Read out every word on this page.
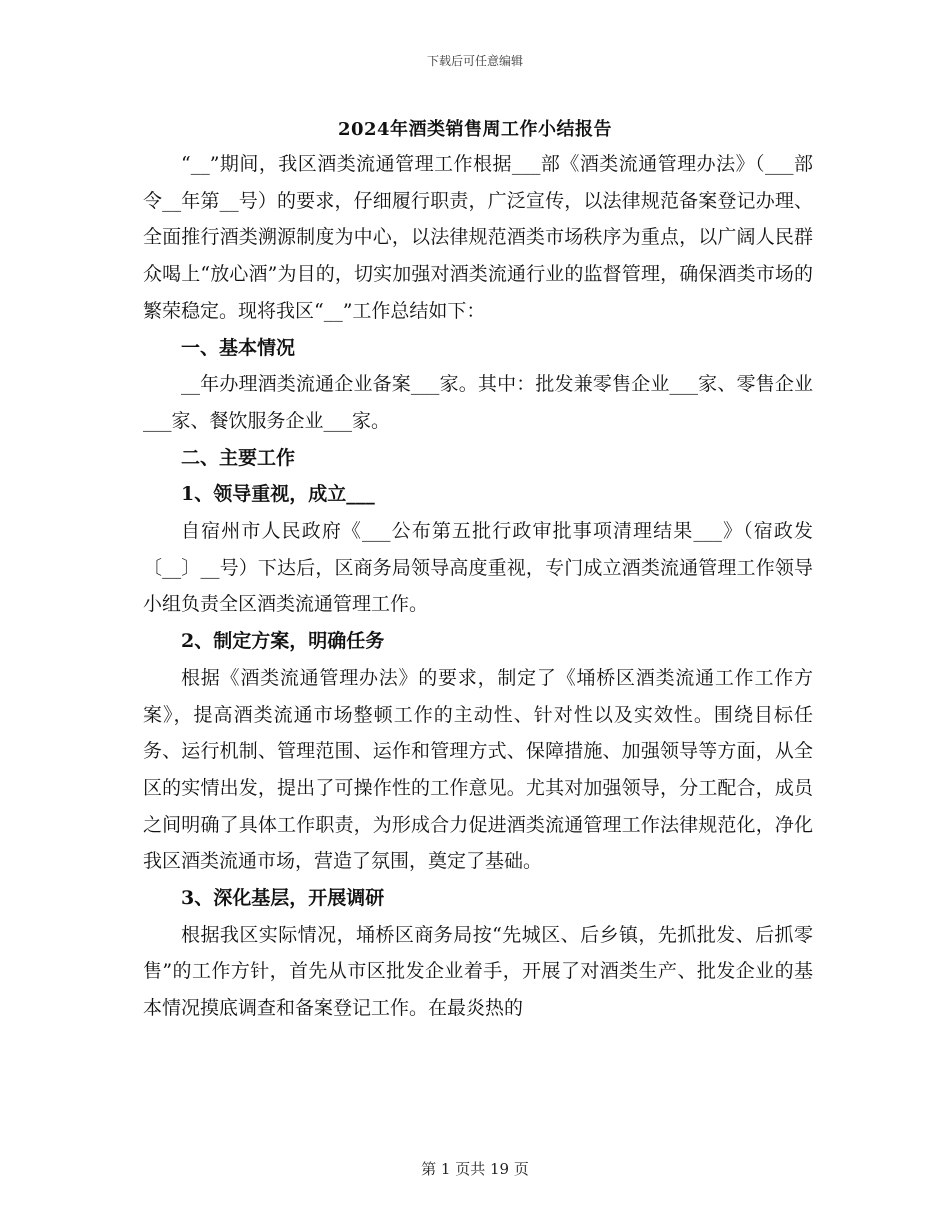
下载后可任意编辑
2024年酒类销售周工作小结报告

“__”期间，我区酒类流通管理工作根据___部《酒类流通管理办法》（___部令__年第__号）的要求，仔细履行职责，广泛宣传，以法律规范备案登记办理、全面推行酒类溯源制度为中心，以法律规范酒类市场秩序为重点，以广阔人民群众喝上“放心酒”为目的，切实加强对酒类流通行业的监督管理，确保酒类市场的繁荣稳定。现将我区“__”工作总结如下：

一、基本情况

__年办理酒类流通企业备案___家。其中：批发兼零售企业___家、零售企业___家、餐饮服务企业___家。

二、主要工作

1、领导重视，成立___

自宿州市人民政府《___公布第五批行政审批事项清理结果___》（宿政发〔__〕__号）下达后，区商务局领导高度重视，专门成立酒类流通管理工作领导小组负责全区酒类流通管理工作。

2、制定方案，明确任务

根据《酒类流通管理办法》的要求，制定了《埇桥区酒类流通工作工作方案》，提高酒类流通市场整顿工作的主动性、针对性以及实效性。围绕目标任务、运行机制、管理范围、运作和管理方式、保障措施、加强领导等方面，从全区的实情出发，提出了可操作性的工作意见。尤其对加强领导，分工配合，成员之间明确了具体工作职责，为形成合力促进酒类流通管理工作法律规范化，净化我区酒类流通市场，营造了氛围，奠定了基础。

3、深化基层，开展调研

根据我区实际情况，埇桥区商务局按“先城区、后乡镇，先抓批发、后抓零售”的工作方针，首先从市区批发企业着手，开展了对酒类生产、批发企业的基本情况摸底调查和备案登记工作。在最炎热的

第 1 页共 19 页
